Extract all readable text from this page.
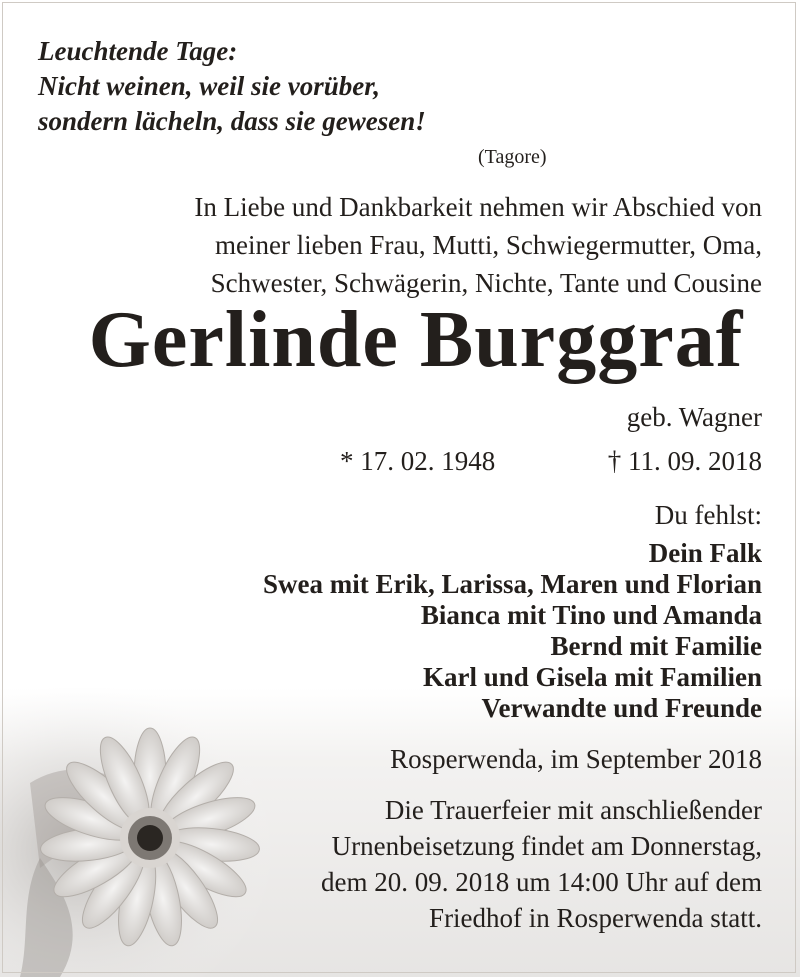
Leuchtende Tage:
Nicht weinen, weil sie vorüber,
sondern lächeln, dass sie gewesen!
(Tagore)
In Liebe und Dankbarkeit nehmen wir Abschied von
meiner lieben Frau, Mutti, Schwiegermutter, Oma,
Schwester, Schwägerin, Nichte, Tante und Cousine
Gerlinde Burggraf
geb. Wagner
* 17. 02. 1948	† 11. 09. 2018
Du fehlst:
Dein Falk
Swea mit Erik, Larissa, Maren und Florian
Bianca mit Tino und Amanda
Bernd mit Familie
Karl und Gisela mit Familien
Verwandte und Freunde
Rosperwenda, im September 2018
Die Trauerfeier mit anschließender
Urnenbeisetzung findet am Donnerstag,
dem 20. 09. 2018 um 14:00 Uhr auf dem
Friedhof in Rosperwenda statt.
